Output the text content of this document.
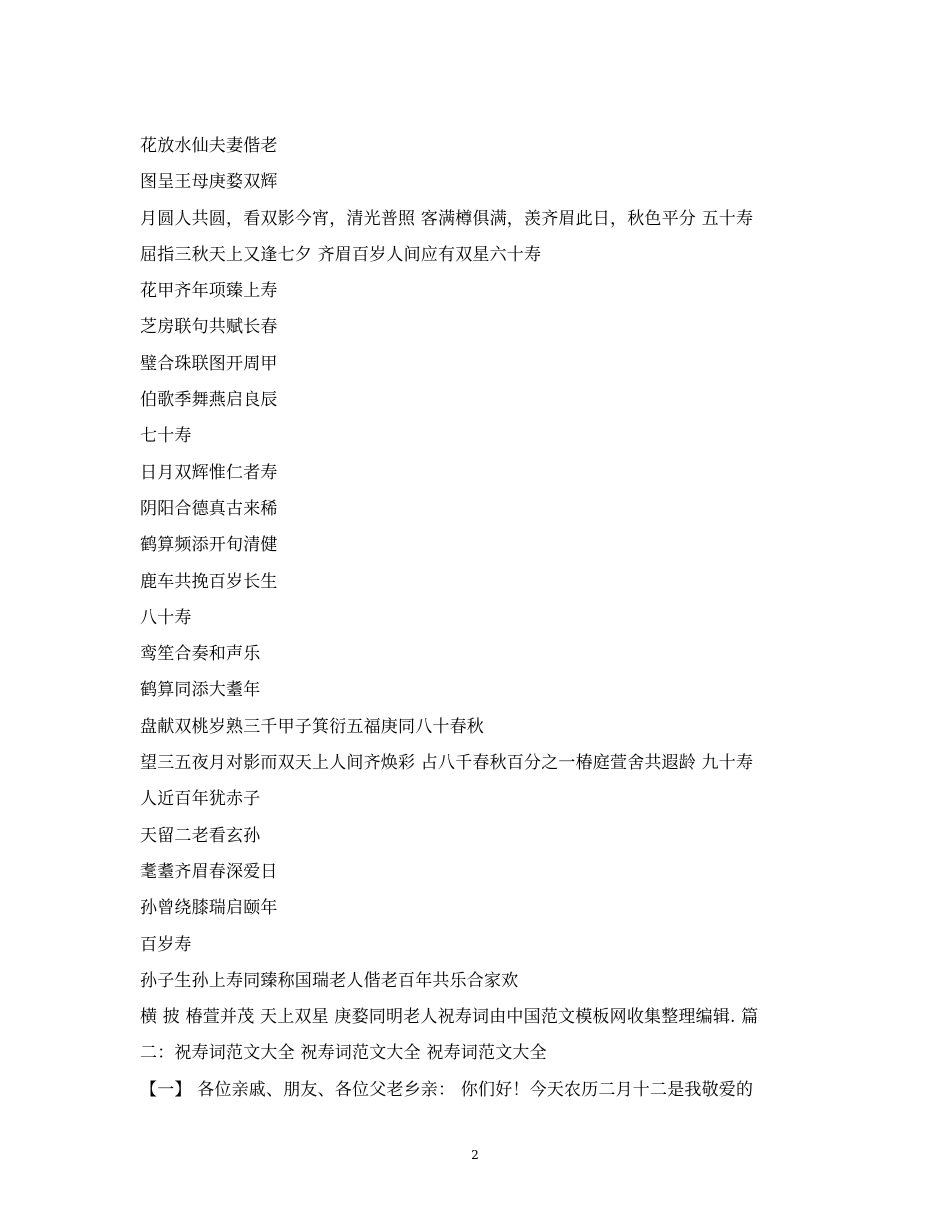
花放水仙夫妻偕老
图呈王母庚婺双辉
月圆人共圆，看双影今宵，清光普照 客满樽俱满，羡齐眉此日，秋色平分 五十寿
屈指三秋天上又逢七夕 齐眉百岁人间应有双星六十寿
花甲齐年项臻上寿
芝房联句共赋长春
璧合珠联图开周甲
伯歌季舞燕启良辰
七十寿
日月双辉惟仁者寿
阴阳合德真古来稀
鹤算频添开旬清健
鹿车共挽百岁长生
八十寿
鸾笙合奏和声乐
鹤算同添大耋年
盘献双桃岁熟三千甲子箕衍五福庚同八十春秋
望三五夜月对影而双天上人间齐焕彩 占八千春秋百分之一椿庭萱舍共遐龄 九十寿
人近百年犹赤子
天留二老看玄孙
耄耋齐眉春深爱日
孙曾绕膝瑞启颐年
百岁寿
孙子生孙上寿同臻称国瑞老人偕老百年共乐合家欢
横 披 椿萱并茂 天上双星 庚婺同明老人祝寿词由中国范文模板网收集整理编辑. 篇
二：祝寿词范文大全 祝寿词范文大全 祝寿词范文大全
【一】 各位亲戚、朋友、各位父老乡亲： 你们好！今天农历二月十二是我敬爱的
2
